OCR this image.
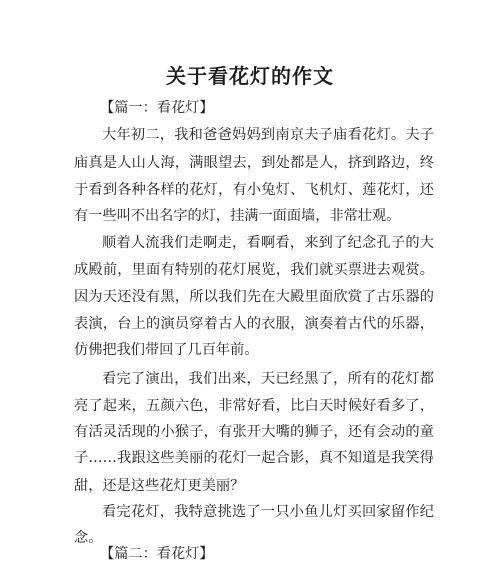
关于看花灯的作文
【篇一：看花灯】
大年初二，我和爸爸妈妈到南京夫子庙看花灯。夫子
庙真是人山人海，满眼望去，到处都是人，挤到路边，终
于看到各种各样的花灯，有小兔灯、飞机灯、莲花灯，还
有一些叫不出名字的灯，挂满一面面墙，非常壮观。
顺着人流我们走啊走，看啊看，来到了纪念孔子的大
成殿前，里面有特别的花灯展览，我们就买票进去观赏。
因为天还没有黑，所以我们先在大殿里面欣赏了古乐器的
表演，台上的演员穿着古人的衣服，演奏着古代的乐器，
仿佛把我们带回了几百年前。
看完了演出，我们出来，天已经黑了，所有的花灯都
亮了起来，五颜六色，非常好看，比白天时候好看多了，
有活灵活现的小猴子，有张开大嘴的狮子，还有会动的童
子……我跟这些美丽的花灯一起合影，真不知道是我笑得
甜，还是这些花灯更美丽？
看完花灯，我特意挑选了一只小鱼儿灯买回家留作纪
念。
【篇二：看花灯】
